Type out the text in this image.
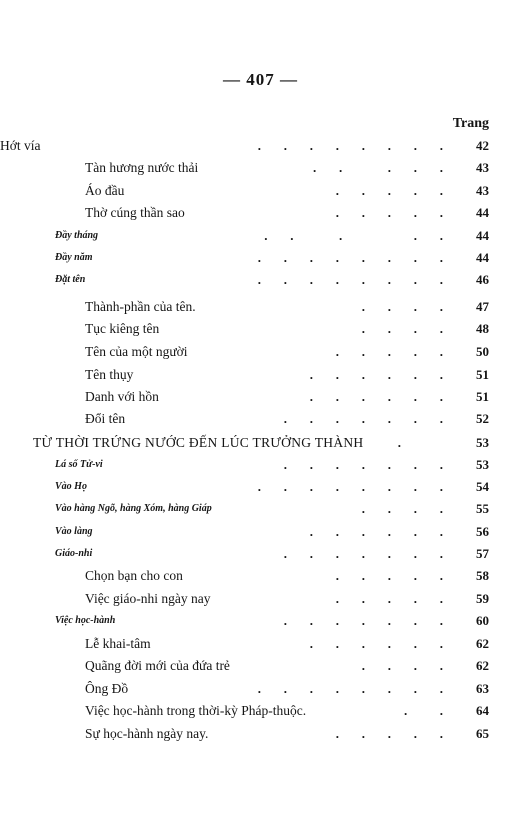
— 407 —
Trang
Hớt vía	.       .       .       .       .       .       .       .	42
Tàn hương nước thải	.       .              .       .       .	43
Áo đầu	.       .       .       .       .	43
Thờ cúng thần sao	.       .       .       .       .	44
Đầy tháng	.       .              .                      .       .	44
Đầy năm	.       .       .       .       .       .       .       .	44
Đặt tên	.       .       .       .       .       .       .       .	46
Thành-phần của tên.	.       .       .       .	47
Tục kiêng tên	.       .       .       .	48
Tên của một người	.       .       .       .       .	50
Tên thụy	.       .       .       .       .       .	51
Danh với hồn	.       .       .       .       .       .	51
Đổi tên	.       .       .       .       .       .       .	52
TỪ THỜI TRỨNG NƯỚC ĐẾN LÚC TRƯỞNG THÀNH	.	53
Lá số Tử-vi	.       .       .       .       .       .       .	53
Vào Họ	.       .       .       .       .       .       .       .	54
Vào hàng Ngõ, hàng Xóm, hàng Giáp	.       .       .       .	55
Vào làng	.       .       .       .       .       .	56
Giáo-nhi	.       .       .       .       .       .       .	57
Chọn bạn cho con	.       .       .       .       .	58
Việc giáo-nhi ngày nay	.       .       .       .       .	59
Việc học-hành	.       .       .       .       .       .       .	60
Lễ khai-tâm	.       .       .       .       .       .	62
Quãng đời mới của đứa trẻ	.       .       .       .	62
Ông Đồ	.       .       .       .       .       .       .       .	63
Việc học-hành trong thời-kỳ Pháp-thuộc.	.          .	64
Sự học-hành ngày nay.	.       .       .       .       .	65
